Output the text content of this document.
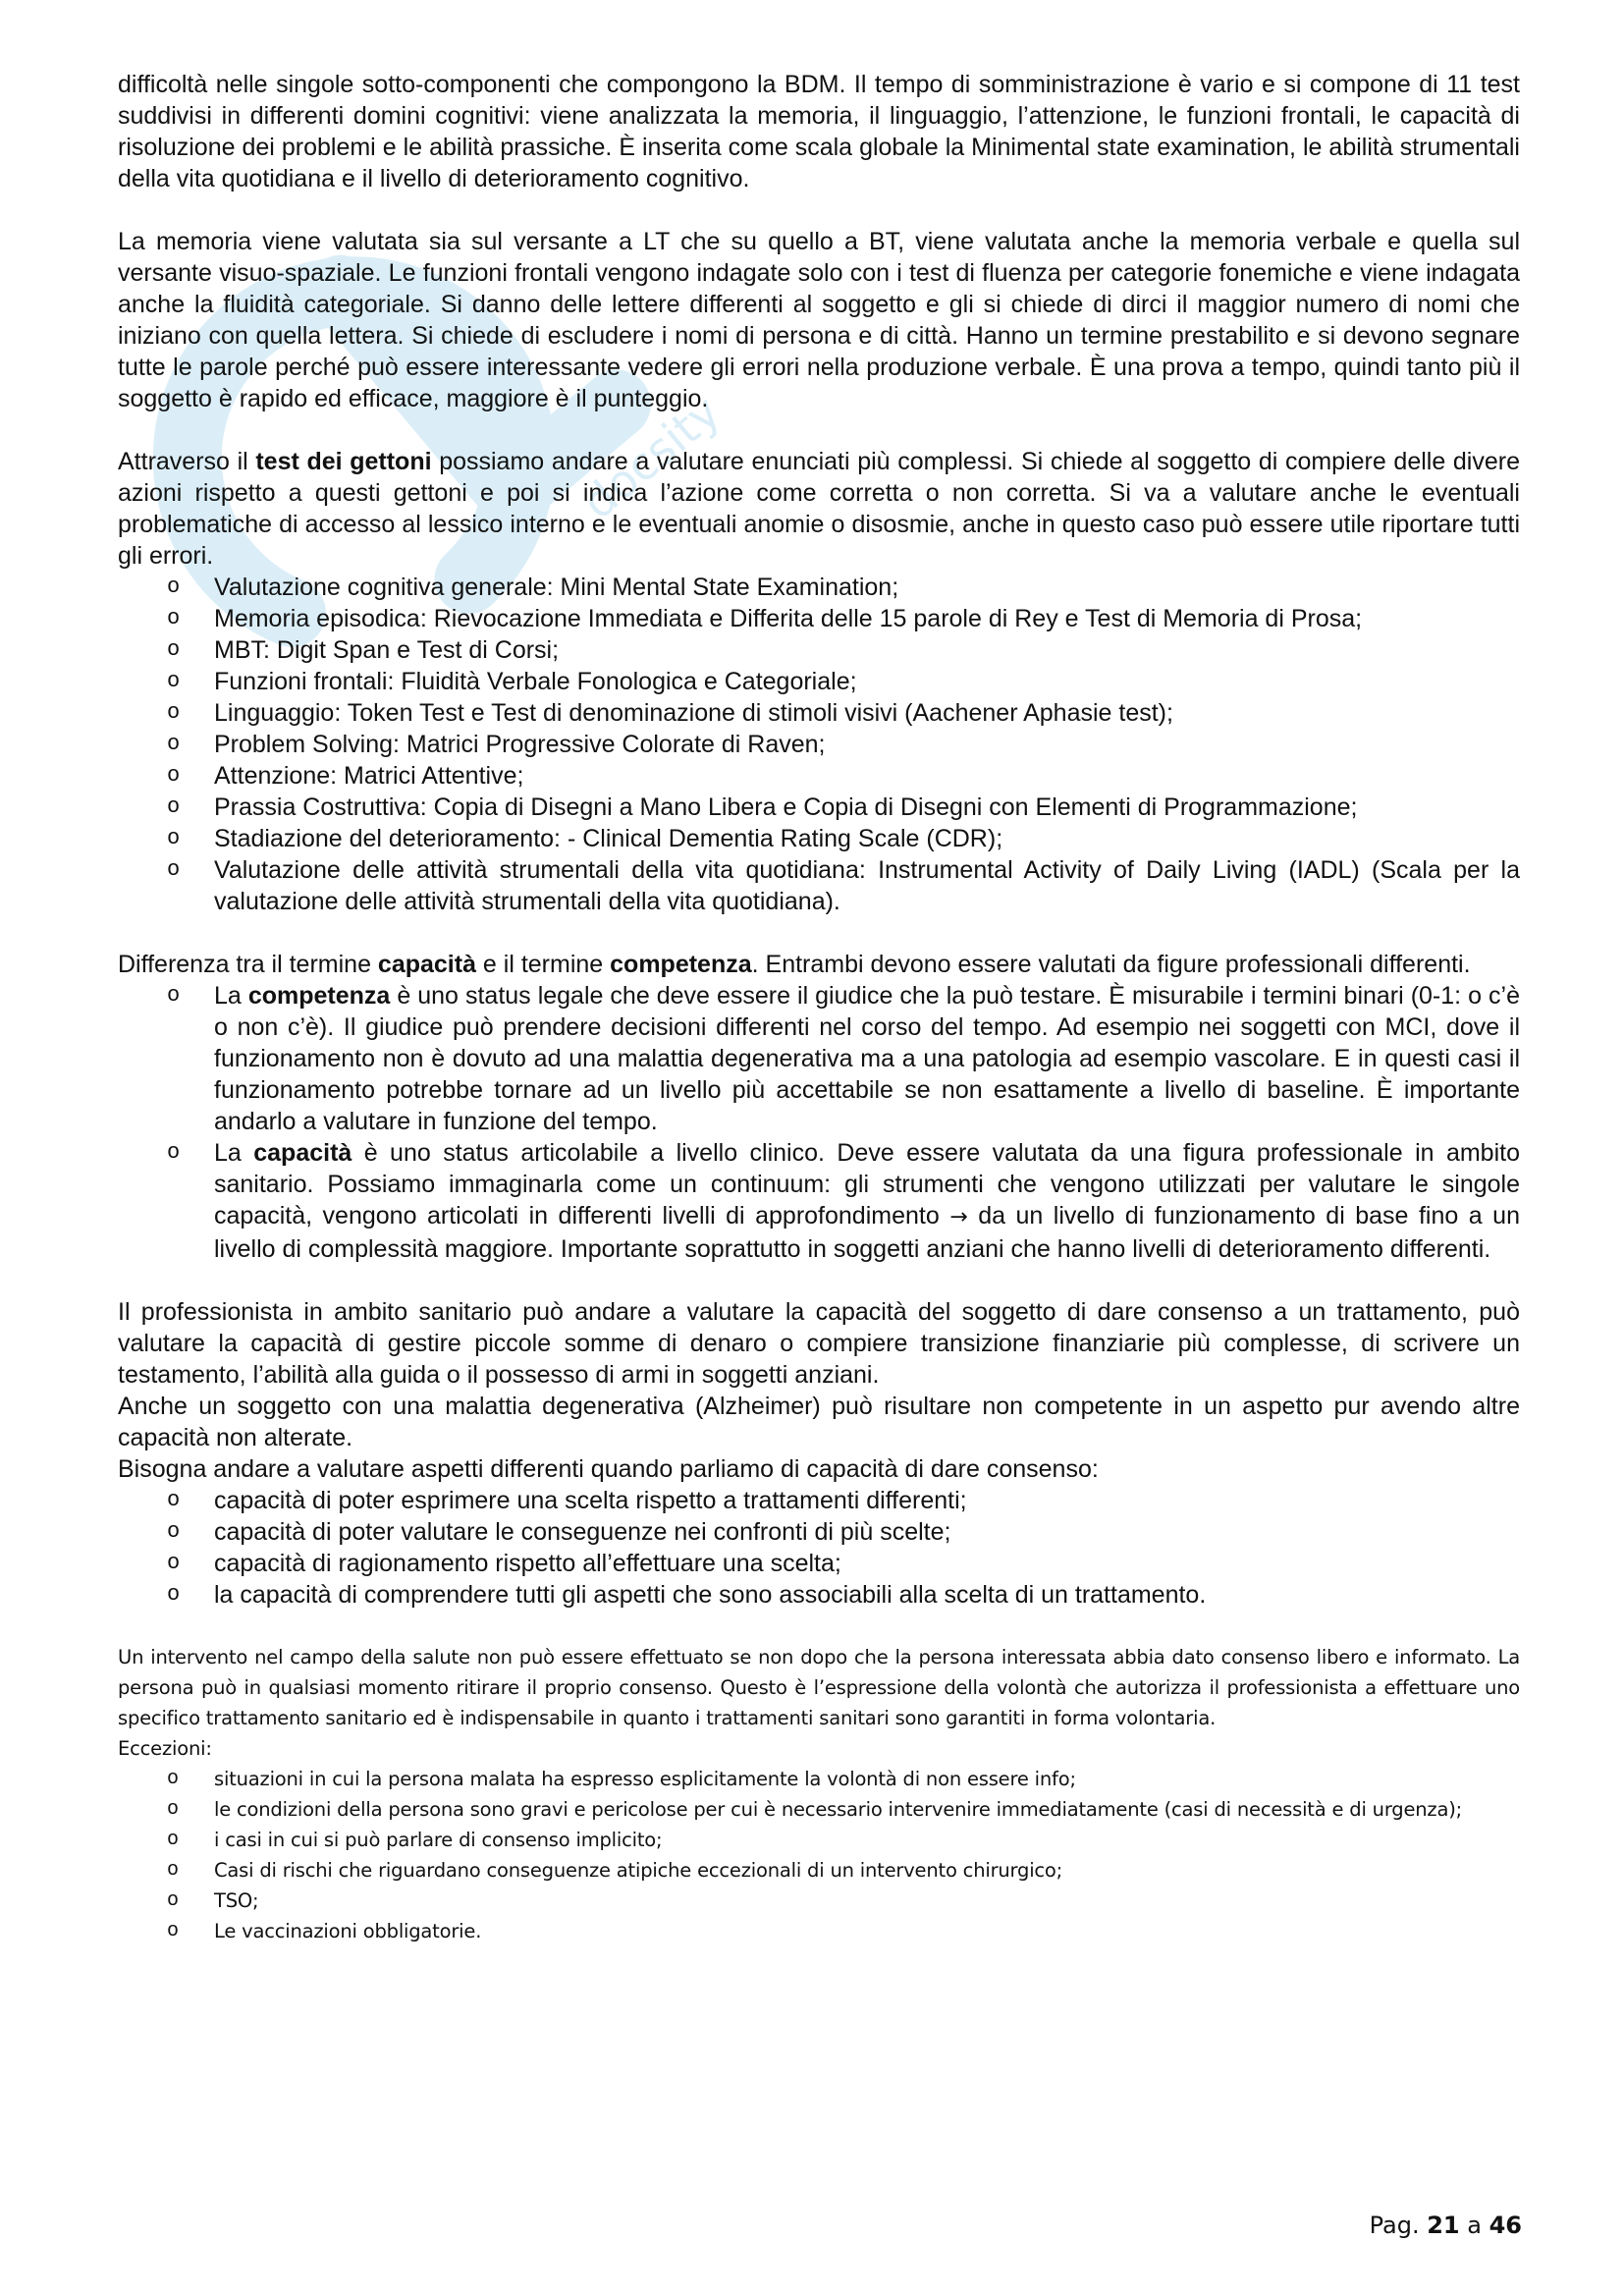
docsity

difficoltà nelle singole sotto-componenti che compongono la BDM. Il tempo di somministrazione è vario e si compone di 11 test suddivisi in differenti domini cognitivi: viene analizzata la memoria, il linguaggio, l’attenzione, le funzioni frontali, le capacità di risoluzione dei problemi e le abilità prassiche. È inserita come scala globale la Minimental state examination, le abilità strumentali della vita quotidiana e il livello di deterioramento cognitivo.

La memoria viene valutata sia sul versante a LT che su quello a BT, viene valutata anche la memoria verbale e quella sul versante visuo-spaziale. Le funzioni frontali vengono indagate solo con i test di fluenza per categorie fonemiche e viene indagata anche la fluidità categoriale. Si danno delle lettere differenti al soggetto e gli si chiede di dirci il maggior numero di nomi che iniziano con quella lettera. Si chiede di escludere i nomi di persona e di città. Hanno un termine prestabilito e si devono segnare tutte le parole perché può essere interessante vedere gli errori nella produzione verbale. È una prova a tempo, quindi tanto più il soggetto è rapido ed efficace, maggiore è il punteggio.

Attraverso il test dei gettoni possiamo andare a valutare enunciati più complessi. Si chiede al soggetto di compiere delle divere azioni rispetto a questi gettoni e poi si indica l’azione come corretta o non corretta. Si va a valutare anche le eventuali problematiche di accesso al lessico interno e le eventuali anomie o disosmie, anche in questo caso può essere utile riportare tutti gli errori.

o Valutazione cognitiva generale: Mini Mental State Examination;
o Memoria episodica: Rievocazione Immediata e Differita delle 15 parole di Rey e Test di Memoria di Prosa;
o MBT: Digit Span e Test di Corsi;
o Funzioni frontali: Fluidità Verbale Fonologica e Categoriale;
o Linguaggio: Token Test e Test di denominazione di stimoli visivi (Aachener Aphasie test);
o Problem Solving: Matrici Progressive Colorate di Raven;
o Attenzione: Matrici Attentive;
o Prassia Costruttiva: Copia di Disegni a Mano Libera e Copia di Disegni con Elementi di Programmazione;
o Stadiazione del deterioramento: - Clinical Dementia Rating Scale (CDR);
o Valutazione delle attività strumentali della vita quotidiana: Instrumental Activity of Daily Living (IADL) (Scala per la valutazione delle attività strumentali della vita quotidiana).

Differenza tra il termine capacità e il termine competenza. Entrambi devono essere valutati da figure professionali differenti.

o La competenza è uno status legale che deve essere il giudice che la può testare. È misurabile i termini binari (0-1: o c’è o non c’è). Il giudice può prendere decisioni differenti nel corso del tempo. Ad esempio nei soggetti con MCI, dove il funzionamento non è dovuto ad una malattia degenerativa ma a una patologia ad esempio vascolare. E in questi casi il funzionamento potrebbe tornare ad un livello più accettabile se non esattamente a livello di baseline. È importante andarlo a valutare in funzione del tempo.
o La capacità è uno status articolabile a livello clinico. Deve essere valutata da una figura professionale in ambito sanitario. Possiamo immaginarla come un continuum: gli strumenti che vengono utilizzati per valutare le singole capacità, vengono articolati in differenti livelli di approfondimento → da un livello di funzionamento di base fino a un livello di complessità maggiore. Importante soprattutto in soggetti anziani che hanno livelli di deterioramento differenti.

Il professionista in ambito sanitario può andare a valutare la capacità del soggetto di dare consenso a un trattamento, può valutare la capacità di gestire piccole somme di denaro o compiere transizione finanziarie più complesse, di scrivere un testamento, l’abilità alla guida o il possesso di armi in soggetti anziani.

Anche un soggetto con una malattia degenerativa (Alzheimer) può risultare non competente in un aspetto pur avendo altre capacità non alterate.

Bisogna andare a valutare aspetti differenti quando parliamo di capacità di dare consenso:

o capacità di poter esprimere una scelta rispetto a trattamenti differenti;
o capacità di poter valutare le conseguenze nei confronti di più scelte;
o capacità di ragionamento rispetto all’effettuare una scelta;
o la capacità di comprendere tutti gli aspetti che sono associabili alla scelta di un trattamento.

Un intervento nel campo della salute non può essere effettuato se non dopo che la persona interessata abbia dato consenso libero e informato. La persona può in qualsiasi momento ritirare il proprio consenso. Questo è l’espressione della volontà che autorizza il professionista a effettuare uno specifico trattamento sanitario ed è indispensabile in quanto i trattamenti sanitari sono garantiti in forma volontaria.

Eccezioni:

o situazioni in cui la persona malata ha espresso esplicitamente la volontà di non essere info;
o le condizioni della persona sono gravi e pericolose per cui è necessario intervenire immediatamente (casi di necessità e di urgenza);
o i casi in cui si può parlare di consenso implicito;
o Casi di rischi che riguardano conseguenze atipiche eccezionali di un intervento chirurgico;
o TSO;
o Le vaccinazioni obbligatorie.
Pag. 21 a 46
